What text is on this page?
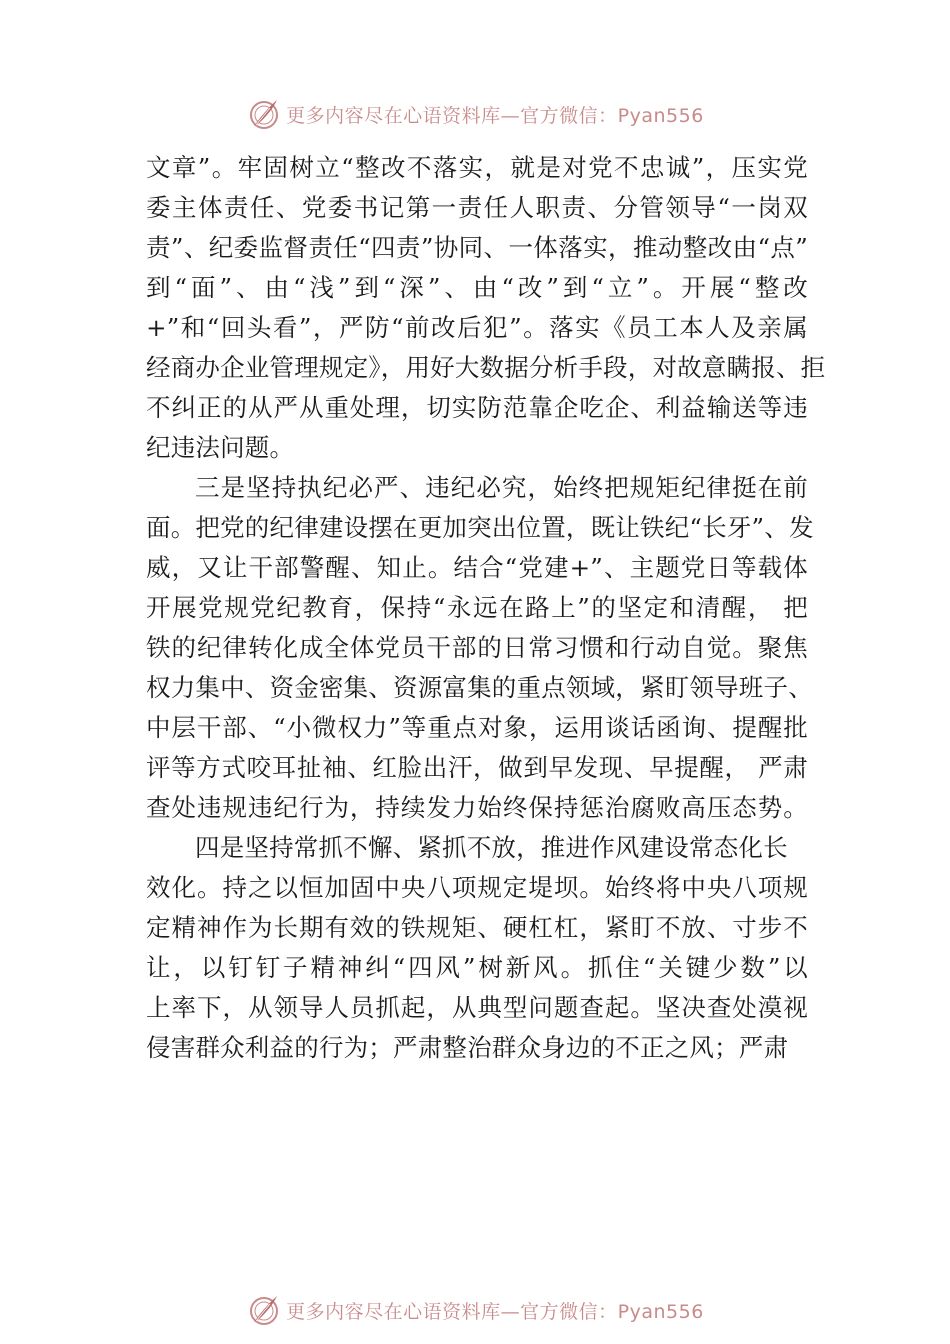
更多内容尽在心语资料库—官方微信：Pyan556
文章”。牢固树立“整改不落实，就是对党不忠诚”，压实党
委主体责任、党委书记第一责任人职责、分管领导“一岗双
责”、纪委监督责任“四责”协同、一体落实，推动整改由“点”
到“面”、由“浅”到“深”、由“改”到“立”。开展“整改
+”和“回头看”，严防“前改后犯”。落实《员工本人及亲属
经商办企业管理规定》，用好大数据分析手段，对故意瞒报、拒
不纠正的从严从重处理，切实防范靠企吃企、利益输送等违
纪违法问题。
三是坚持执纪必严、违纪必究，始终把规矩纪律挺在前
面。把党的纪律建设摆在更加突出位置，既让铁纪“长牙”、发
威，又让干部警醒、知止。结合“党建+”、主题党日等载体
开展党规党纪教育，保持“永远在路上”的坚定和清醒， 把
铁的纪律转化成全体党员干部的日常习惯和行动自觉。聚焦
权力集中、资金密集、资源富集的重点领域，紧盯领导班子、
中层干部、“小微权力”等重点对象，运用谈话函询、提醒批
评等方式咬耳扯袖、红脸出汗，做到早发现、早提醒， 严肃
查处违规违纪行为，持续发力始终保持惩治腐败高压态势。
四是坚持常抓不懈、紧抓不放，推进作风建设常态化长
效化。持之以恒加固中央八项规定堤坝。始终将中央八项规
定精神作为长期有效的铁规矩、硬杠杠，紧盯不放、寸步不
让，以钉钉子精神纠“四风”树新风。抓住“关键少数”以
上率下，从领导人员抓起，从典型问题查起。坚决查处漠视
侵害群众利益的行为；严肃整治群众身边的不正之风；严肃
更多内容尽在心语资料库—官方微信：Pyan556
